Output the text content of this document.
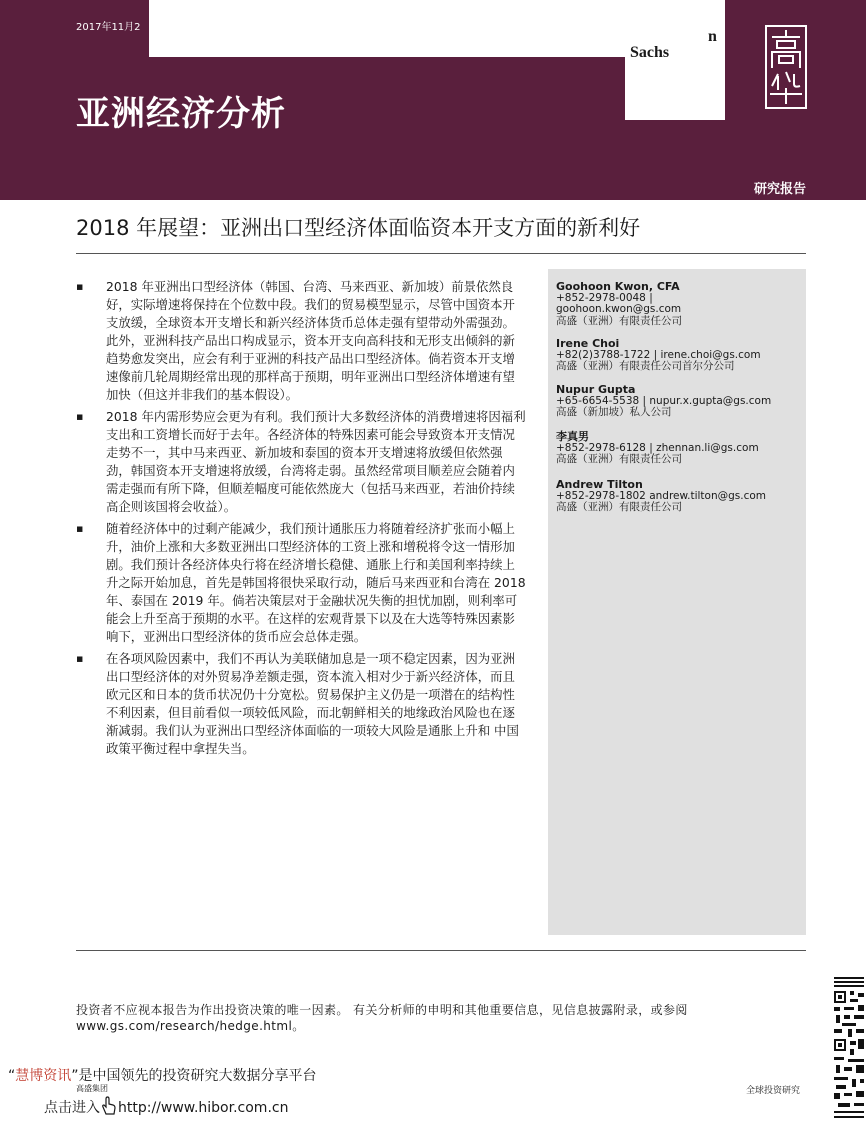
2017年11月2
Sachs
n
亚洲经济分析
研究报告
2018 年展望：亚洲出口型经济体面临资本开支方面的新利好
▪ 2018 年亚洲出口型经济体（韩国、台湾、马来西亚、新加坡）前景依然良好，实际增速将保持在个位数中段。我们的贸易模型显示，尽管中国资本开支放缓，全球资本开支增长和新兴经济体货币总体走强有望带动外需强劲。此外，亚洲科技产品出口构成显示，资本开支向高科技和无形支出倾斜的新趋势愈发突出，应会有利于亚洲的科技产品出口型经济体。倘若资本开支增速像前几轮周期经常出现的那样高于预期，明年亚洲出口型经济体增速有望加快（但这并非我们的基本假设）。
▪ 2018 年内需形势应会更为有利。我们预计大多数经济体的消费增速将因福利支出和工资增长而好于去年。各经济体的特殊因素可能会导致资本开支情况走势不一，其中马来西亚、新加坡和泰国的资本开支增速将放缓但依然强劲，韩国资本开支增速将放缓，台湾将走弱。虽然经常项目顺差应会随着内需走强而有所下降，但顺差幅度可能依然庞大（包括马来西亚，若油价持续高企则该国将会收益）。
▪ 随着经济体中的过剩产能减少，我们预计通胀压力将随着经济扩张而小幅上升，油价上涨和大多数亚洲出口型经济体的工资上涨和增税将令这一情形加剧。我们预计各经济体央行将在经济增长稳健、通胀上行和美国利率持续上升之际开始加息，首先是韩国将很快采取行动，随后马来西亚和台湾在 2018 年、泰国在 2019 年。倘若决策层对于金融状况失衡的担忧加剧，则利率可能会上升至高于预期的水平。在这样的宏观背景下以及在大选等特殊因素影响下，亚洲出口型经济体的货币应会总体走强。
▪ 在各项风险因素中，我们不再认为美联储加息是一项不稳定因素，因为亚洲出口型经济体的对外贸易净差额走强，资本流入相对少于新兴经济体，而且欧元区和日本的货币状况仍十分宽松。贸易保护主义仍是一项潜在的结构性不利因素，但目前看似一项较低风险，而北朝鲜相关的地缘政治风险也在逐渐减弱。我们认为亚洲出口型经济体面临的一项较大风险是通胀上升和 中国政策平衡过程中拿捏失当。
Goohoon Kwon, CFA
+852-2978-0048 |
goohoon.kwon@gs.com
高盛（亚洲）有限责任公司
Irene Choi
+82(2)3788-1722 | irene.choi@gs.com
高盛（亚洲）有限责任公司首尔分公司
Nupur Gupta
+65-6654-5538 | nupur.x.gupta@gs.com
高盛（新加坡）私人公司
李真男
+852-2978-6128 | zhennan.li@gs.com
高盛（亚洲）有限责任公司
Andrew Tilton
+852-2978-1802 andrew.tilton@gs.com
高盛（亚洲）有限责任公司
投资者不应视本报告为作出投资决策的唯一因素。 有关分析师的申明和其他重要信息，见信息披露附录，或参阅 www.gs.com/research/hedge.html。
“慧博资讯”是中国领先的投资研究大数据分享平台
高盛集团
点击进入 http://www.hibor.com.cn
全球投资研究
